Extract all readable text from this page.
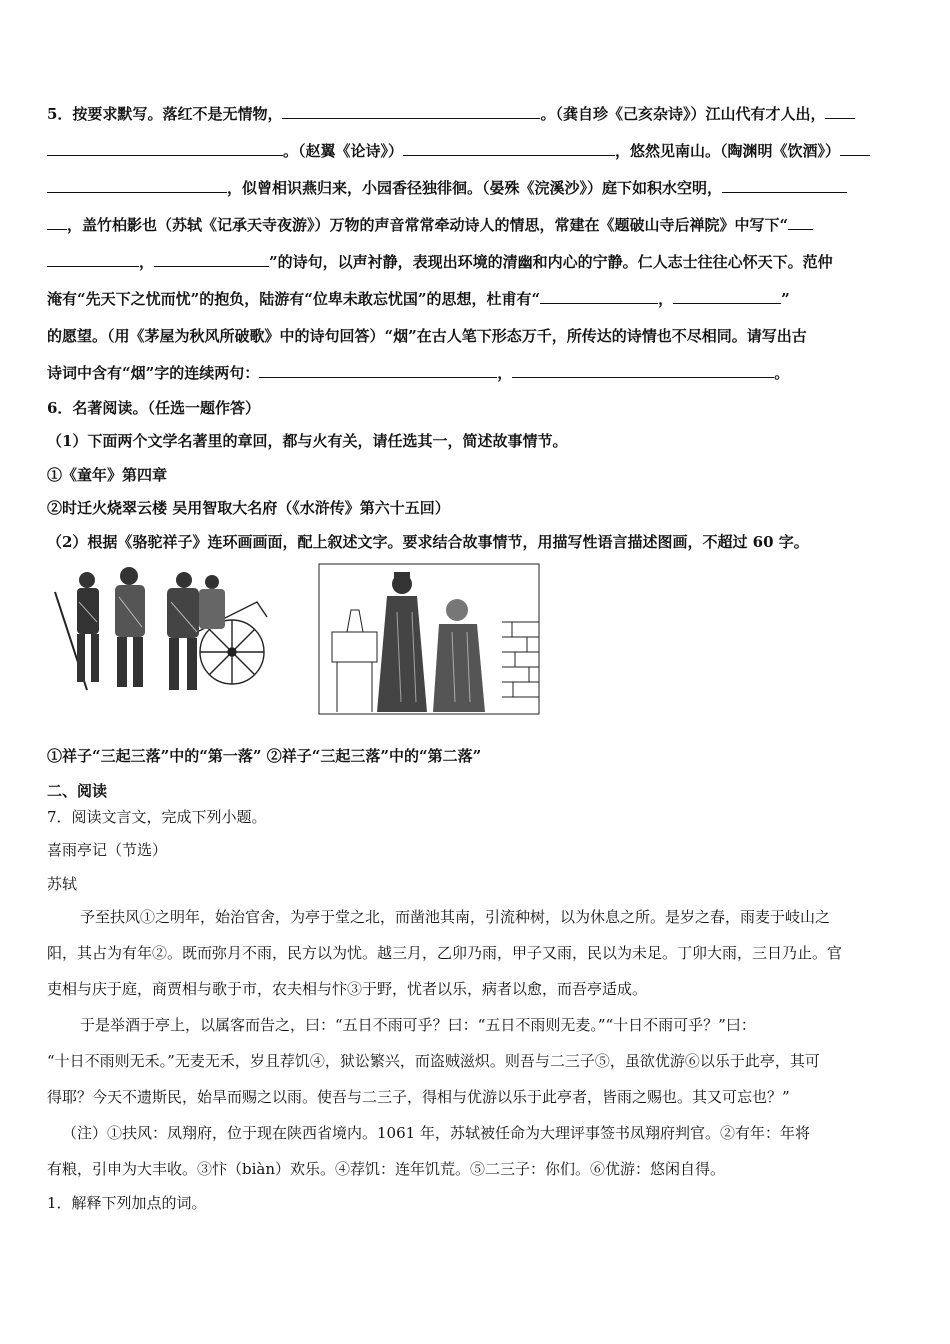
5．按要求默写。落红不是无情物，	。（龚自珍《己亥杂诗》）江山代有才人出，
。（赵翼《论诗》）	，悠然见南山。（陶渊明《饮酒》）
，似曾相识燕归来，小园香径独徘徊。（晏殊《浣溪沙》）庭下如积水空明，
，盖竹柏影也（苏轼《记承天寺夜游》）万物的声音常常牵动诗人的情思，常建在《题破山寺后禅院》中写下“
，	”的诗句，以声衬静，表现出环境的清幽和内心的宁静。仁人志士往往心怀天下。范仲
淹有“先天下之忧而忧”的抱负，陆游有“位卑未敢忘忧国”的思想，杜甫有“	，	”
的愿望。（用《茅屋为秋风所破歌》中的诗句回答）“烟”在古人笔下形态万千，所传达的诗情也不尽相同。请写出古
诗词中含有“烟”字的连续两句：	，	。
6．名著阅读。（任选一题作答）
（1）下面两个文学名著里的章回，都与火有关，请任选其一，简述故事情节。
①《童年》第四章
②时迁火烧翠云楼 吴用智取大名府（《水浒传》第六十五回）
（2）根据《骆驼祥子》连环画画面，配上叙述文字。要求结合故事情节，用描写性语言描述图画，不超过 60 字。
①祥子“三起三落”中的“第一落” ②祥子“三起三落”中的“第二落”
二、阅读
7．阅读文言文，完成下列小题。
喜雨亭记（节选）
苏轼
予至扶风①之明年，始治官舍，为亭于堂之北，而凿池其南，引流种树，以为休息之所。是岁之春，雨麦于岐山之
阳，其占为有年②。既而弥月不雨，民方以为忧。越三月，乙卯乃雨，甲子又雨，民以为未足。丁卯大雨，三日乃止。官
吏相与庆于庭，商贾相与歌于市，农夫相与忭③于野，忧者以乐，病者以愈，而吾亭适成。
于是举酒于亭上，以属客而告之，曰：“五日不雨可乎？曰：“五日不雨则无麦。”“十日不雨可乎？”曰：
“十日不雨则无禾。”无麦无禾，岁且荐饥④，狱讼繁兴，而盗贼滋炽。则吾与二三子⑤，虽欲优游⑥以乐于此亭，其可
得耶？今天不遗斯民，始旱而赐之以雨。使吾与二三子，得相与优游以乐于此亭者，皆雨之赐也。其又可忘也？”
（注）①扶风：凤翔府，位于现在陕西省境内。1061 年，苏轼被任命为大理评事签书凤翔府判官。②有年：年将
有粮，引申为大丰收。③忭（biàn）欢乐。④荐饥：连年饥荒。⑤二三子：你们。⑥优游：悠闲自得。
1．解释下列加点的词。
